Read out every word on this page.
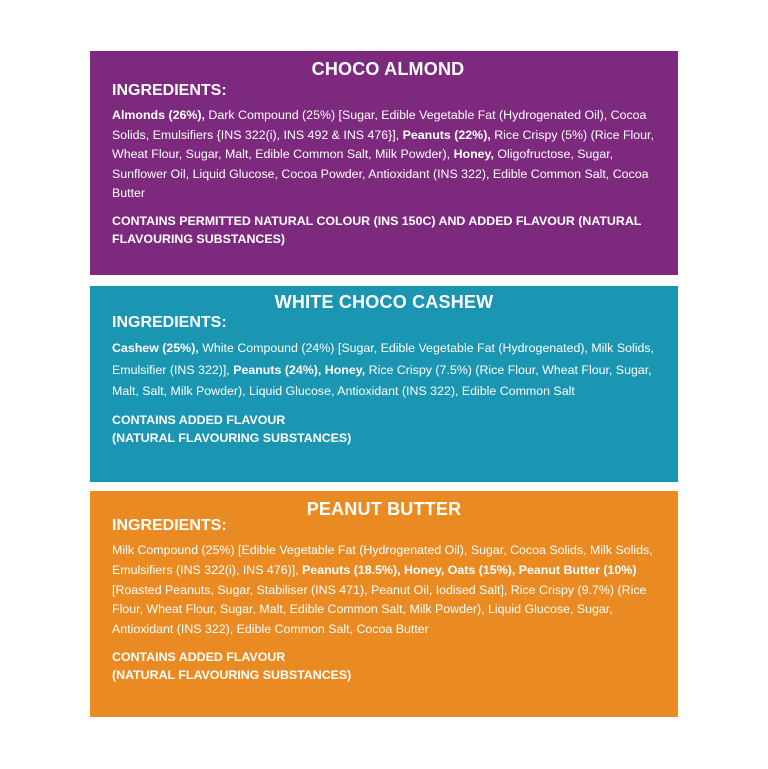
CHOCO ALMOND
INGREDIENTS:

Almonds (26%), Dark Compound (25%) [Sugar, Edible Vegetable Fat (Hydrogenated Oil), Cocoa Solids, Emulsifiers {INS 322(i), INS 492 & INS 476}], Peanuts (22%), Rice Crispy (5%) (Rice Flour, Wheat Flour, Sugar, Malt, Edible Common Salt, Milk Powder), Honey, Oligofructose, Sugar, Sunflower Oil, Liquid Glucose, Cocoa Powder, Antioxidant (INS 322), Edible Common Salt, Cocoa Butter

CONTAINS PERMITTED NATURAL COLOUR (INS 150C) AND ADDED FLAVOUR (NATURAL FLAVOURING SUBSTANCES)

WHITE CHOCO CASHEW
INGREDIENTS:

Cashew (25%), White Compound (24%) [Sugar, Edible Vegetable Fat (Hydrogenated), Milk Solids, Emulsifier (INS 322)], Peanuts (24%), Honey, Rice Crispy (7.5%) (Rice Flour, Wheat Flour, Sugar, Malt, Salt, Milk Powder), Liquid Glucose, Antioxidant (INS 322), Edible Common Salt

CONTAINS ADDED FLAVOUR
(NATURAL FLAVOURING SUBSTANCES)

PEANUT BUTTER
INGREDIENTS:

Milk Compound (25%) [Edible Vegetable Fat (Hydrogenated Oil), Sugar, Cocoa Solids, Milk Solids, Emulsifiers (INS 322(i), INS 476)], Peanuts (18.5%), Honey, Oats (15%), Peanut Butter (10%) [Roasted Peanuts, Sugar, Stabiliser (INS 471), Peanut Oil, Iodised Salt], Rice Crispy (9.7%) (Rice Flour, Wheat Flour, Sugar, Malt, Edible Common Salt, Milk Powder), Liquid Glucose, Sugar, Antioxidant (INS 322), Edible Common Salt, Cocoa Butter

CONTAINS ADDED FLAVOUR
(NATURAL FLAVOURING SUBSTANCES)
